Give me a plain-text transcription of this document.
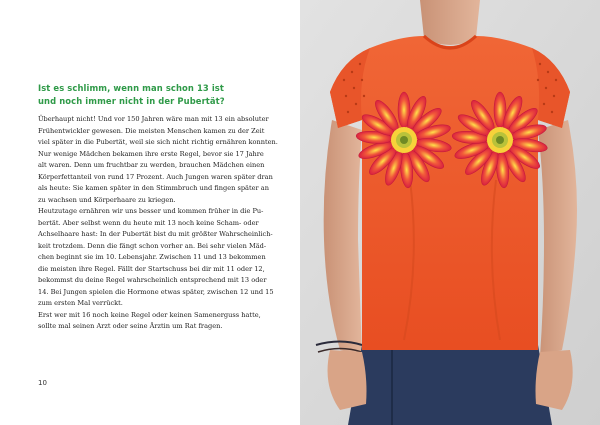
Ist es schlimm, wenn man schon 13 ist
und noch immer nicht in der Pubertät?
Überhaupt nicht! Und vor 150 Jahren wäre man mit 13 ein absoluter
Frühentwickler gewesen. Die meisten Menschen kamen zu der Zeit
viel später in die Pubertät, weil sie sich nicht richtig ernähren konnten.
Nur wenige Mädchen bekamen ihre erste Regel, bevor sie 17 Jahre
alt waren. Denn um fruchtbar zu werden, brauchen Mädchen einen
Körperfettanteil von rund 17 Prozent. Auch Jungen waren später dran
als heute: Sie kamen später in den Stimmbruch und fingen später an
zu wachsen und Körperhaare zu kriegen.
Heutzutage ernähren wir uns besser und kommen früher in die Pu-
bertät. Aber selbst wenn du heute mit 13 noch keine Scham- oder
Achselhaare hast: In der Pubertät bist du mit größter Wahrscheinlich-
keit trotzdem. Denn die fängt schon vorher an. Bei sehr vielen Mäd-
chen beginnt sie im 10. Lebensjahr. Zwischen 11 und 13 bekommen
die meisten ihre Regel. Fällt der Startschuss bei dir mit 11 oder 12,
bekommst du deine Regel wahrscheinlich entsprechend mit 13 oder
14. Bei Jungen spielen die Hormone etwas später, zwischen 12 und 15
zum ersten Mal verrückt.
Erst wer mit 16 noch keine Regel oder keinen Samenerguss hatte,
sollte mal seinen Arzt oder seine Ärztin um Rat fragen.
10
